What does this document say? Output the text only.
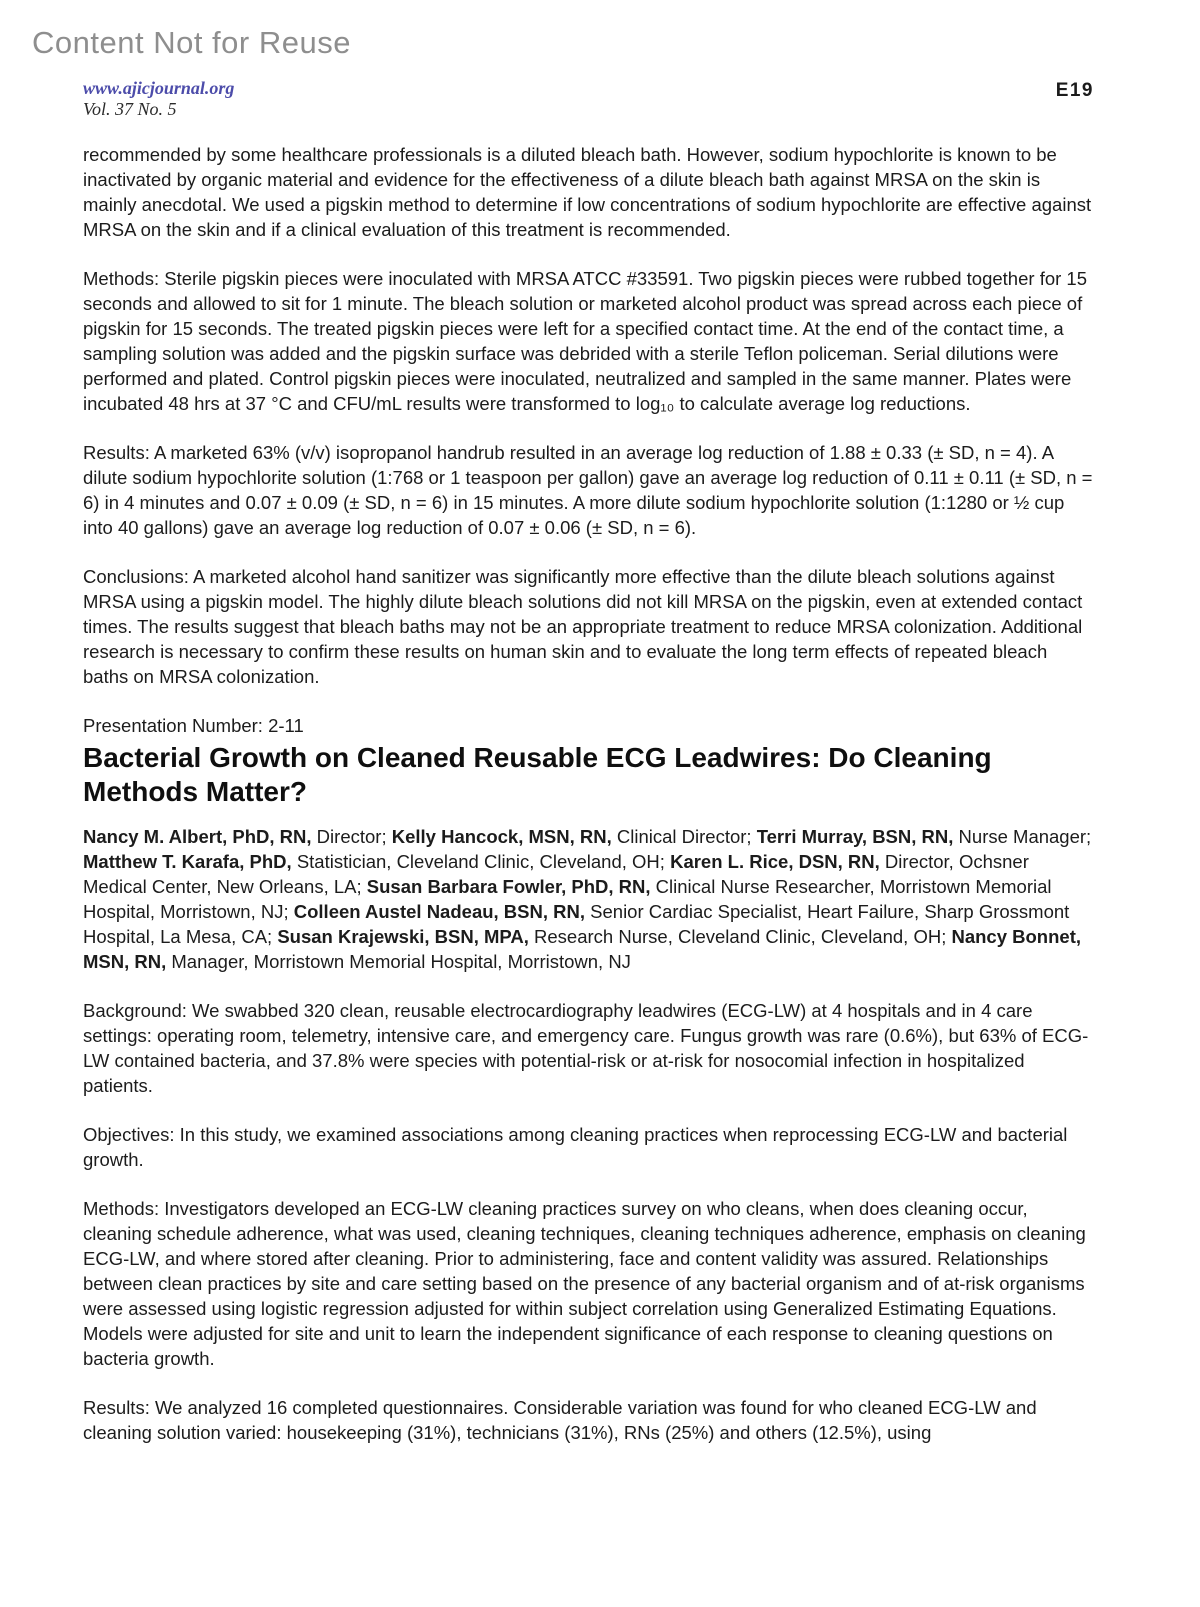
Content Not for Reuse
www.ajicjournal.org
Vol. 37 No. 5
E19

recommended by some healthcare professionals is a diluted bleach bath. However, sodium hypochlorite is known to be inactivated by organic material and evidence for the effectiveness of a dilute bleach bath against MRSA on the skin is mainly anecdotal. We used a pigskin method to determine if low concentrations of sodium hypochlorite are effective against MRSA on the skin and if a clinical evaluation of this treatment is recommended.

Methods: Sterile pigskin pieces were inoculated with MRSA ATCC #33591. Two pigskin pieces were rubbed together for 15 seconds and allowed to sit for 1 minute. The bleach solution or marketed alcohol product was spread across each piece of pigskin for 15 seconds. The treated pigskin pieces were left for a specified contact time. At the end of the contact time, a sampling solution was added and the pigskin surface was debrided with a sterile Teflon policeman. Serial dilutions were performed and plated. Control pigskin pieces were inoculated, neutralized and sampled in the same manner. Plates were incubated 48 hrs at 37 °C and CFU/mL results were transformed to log₁₀ to calculate average log reductions.

Results: A marketed 63% (v/v) isopropanol handrub resulted in an average log reduction of 1.88 ± 0.33 (± SD, n = 4). A dilute sodium hypochlorite solution (1:768 or 1 teaspoon per gallon) gave an average log reduction of 0.11 ± 0.11 (± SD, n = 6) in 4 minutes and 0.07 ± 0.09 (± SD, n = 6) in 15 minutes. A more dilute sodium hypochlorite solution (1:1280 or ½ cup into 40 gallons) gave an average log reduction of 0.07 ± 0.06 (± SD, n = 6).

Conclusions: A marketed alcohol hand sanitizer was significantly more effective than the dilute bleach solutions against MRSA using a pigskin model. The highly dilute bleach solutions did not kill MRSA on the pigskin, even at extended contact times. The results suggest that bleach baths may not be an appropriate treatment to reduce MRSA colonization. Additional research is necessary to confirm these results on human skin and to evaluate the long term effects of repeated bleach baths on MRSA colonization.

Presentation Number: 2-11

Bacterial Growth on Cleaned Reusable ECG Leadwires: Do Cleaning Methods Matter?

Nancy M. Albert, PhD, RN, Director; Kelly Hancock, MSN, RN, Clinical Director; Terri Murray, BSN, RN, Nurse Manager; Matthew T. Karafa, PhD, Statistician, Cleveland Clinic, Cleveland, OH; Karen L. Rice, DSN, RN, Director, Ochsner Medical Center, New Orleans, LA; Susan Barbara Fowler, PhD, RN, Clinical Nurse Researcher, Morristown Memorial Hospital, Morristown, NJ; Colleen Austel Nadeau, BSN, RN, Senior Cardiac Specialist, Heart Failure, Sharp Grossmont Hospital, La Mesa, CA; Susan Krajewski, BSN, MPA, Research Nurse, Cleveland Clinic, Cleveland, OH; Nancy Bonnet, MSN, RN, Manager, Morristown Memorial Hospital, Morristown, NJ

Background: We swabbed 320 clean, reusable electrocardiography leadwires (ECG-LW) at 4 hospitals and in 4 care settings: operating room, telemetry, intensive care, and emergency care. Fungus growth was rare (0.6%), but 63% of ECG-LW contained bacteria, and 37.8% were species with potential-risk or at-risk for nosocomial infection in hospitalized patients.

Objectives: In this study, we examined associations among cleaning practices when reprocessing ECG-LW and bacterial growth.

Methods: Investigators developed an ECG-LW cleaning practices survey on who cleans, when does cleaning occur, cleaning schedule adherence, what was used, cleaning techniques, cleaning techniques adherence, emphasis on cleaning ECG-LW, and where stored after cleaning. Prior to administering, face and content validity was assured. Relationships between clean practices by site and care setting based on the presence of any bacterial organism and of at-risk organisms were assessed using logistic regression adjusted for within subject correlation using Generalized Estimating Equations. Models were adjusted for site and unit to learn the independent significance of each response to cleaning questions on bacteria growth.

Results: We analyzed 16 completed questionnaires. Considerable variation was found for who cleaned ECG-LW and cleaning solution varied: housekeeping (31%), technicians (31%), RNs (25%) and others (12.5%), using
